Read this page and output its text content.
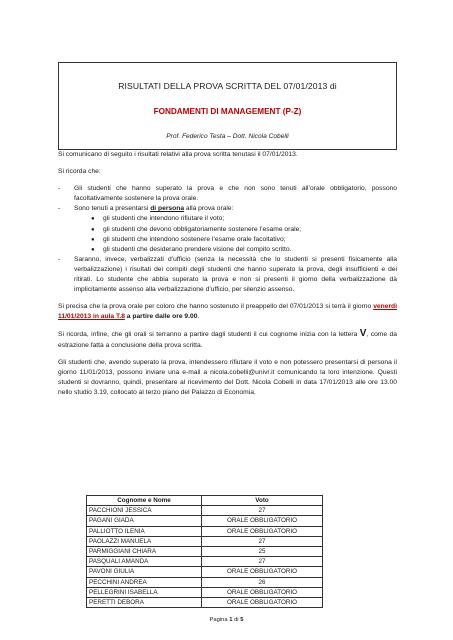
RISULTATI DELLA PROVA SCRITTA DEL 07/01/2013 di
FONDAMENTI DI MANAGEMENT (P-Z)
Prof. Federico Testa – Dott. Nicola Cobelli

Si comunicano di seguito i risultati relativi alla prova scritta tenutasi il 07/01/2013.

Si ricorda che:

- Gli studenti che hanno superato la prova e che non sono tenuti all’orale obbligatorio, possono facoltativamente sostenere la prova orale.
- Sono tenuti a presentarsi di persona alla prova orale:
● gli studenti che intendono rifiutare il voto;
● gli studenti che devono obbligatoriamente sostenere l’esame orale;
● gli studenti che intendono sostenere l’esame orale facoltativo;
● gli studenti che desiderano prendere visione del compito scritto.
- Saranno, invece, verbalizzati d’ufficio (senza la necessità che lo studenti si presenti fisicamente alla verbalizzazione) i risultati dei compiti degli studenti che hanno superato la prova, degli insufficienti e dei ritirati. Lo studente che abbia superato la prova e non si presenti il giorno della verbalizzazione dà implicitamente assenso alla verbalizzazione d’ufficio, per silenzio assenso.

Si precisa che la prova orale per coloro che hanno sostenuto il preappello del 07/01/2013 si terrà il giorno venerdì 11/01/2013 in aula T.8 a partire dalle ore 9.00.

Si ricorda, infine, che gli orali si terranno a partire dagli studenti il cui cognome inizia con la lettera V, come da estrazione fatta a conclusione della prova scritta.

Gli studenti che, avendo superato la prova, intendessero rifiutare il voto e non potessero presentarsi di persona il giorno 11/01/2013, possono inviare una e-mail a nicola.cobelli@univr.it comunicando la loro intenzione. Questi studenti si dovranno, quindi, presentare al ricevimento del Dott. Nicola Cobelli in data 17/01/2013 alle ore 13.00 nello studio 3.19, collocato al terzo piano del Palazzo di Economia.

Cognome e Nome	Voto
PACCHIONI JESSICA	27
PAGANI GIADA	ORALE OBBLIGATORIO
PALLIOTTO ILENIA	ORALE OBBLIGATORIO
PAOLAZZI MANUELA	27
PARMIGGIANI CHIARA	25
PASQUALI AMANDA	27
PAVONI GIULIA	ORALE OBBLIGATORIO
PECCHINI ANDREA	26
PELLEGRINI ISABELLA	ORALE OBBLIGATORIO
PERETTI DEBORA	ORALE OBBLIGATORIO
Pagina 1 di 5
